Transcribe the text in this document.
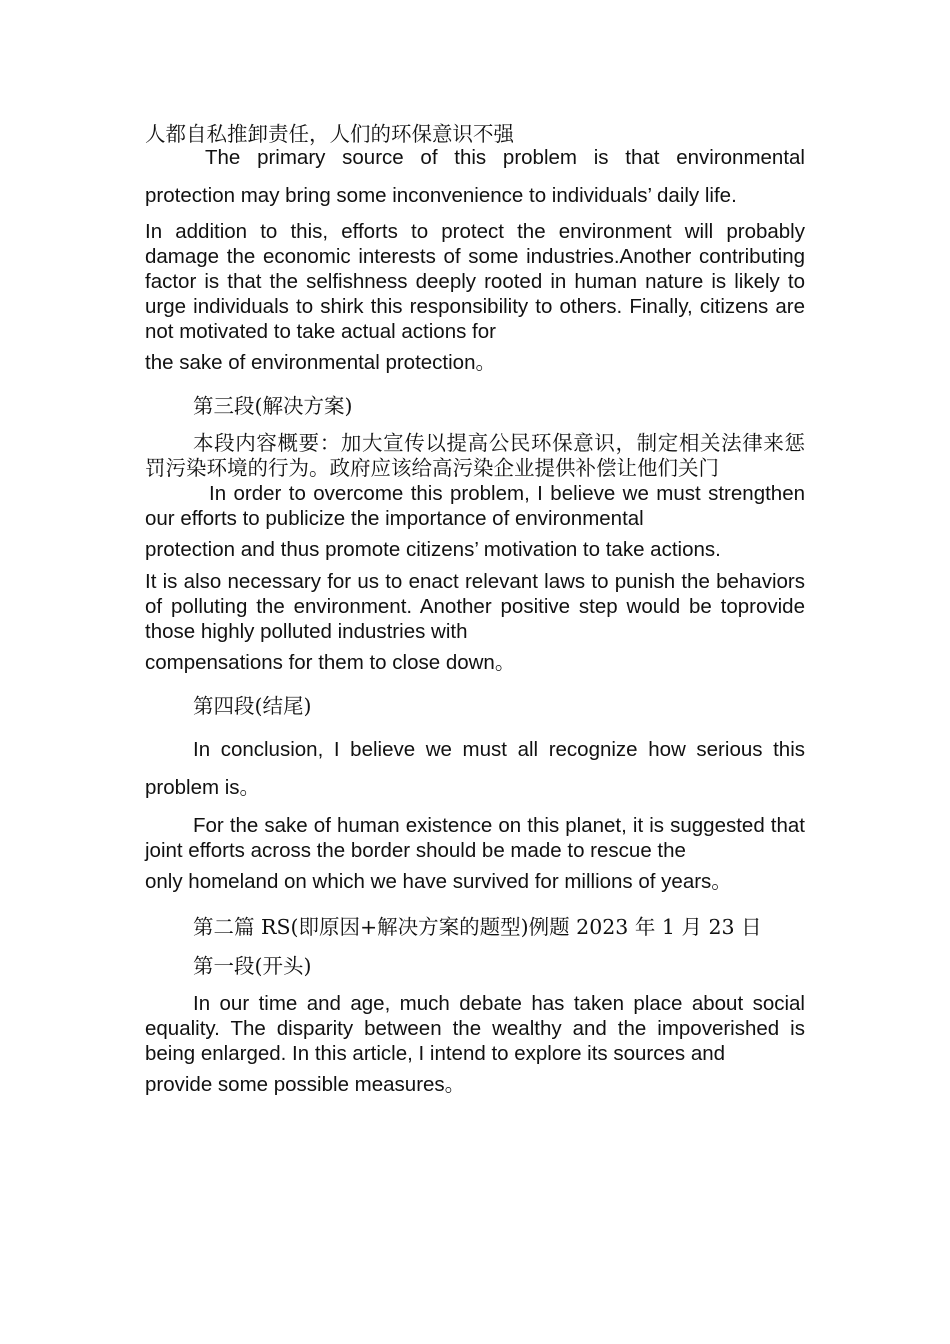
人都自私推卸责任，人们的环保意识不强

The primary source of this problem is that environmental protection may bring some inconvenience to individuals’ daily life.

In addition to this, efforts to protect the environment will probably damage the economic interests of some industries.Another contributing factor is that the selfishness deeply rooted in human nature is likely to urge individuals to shirk this responsibility to others. Finally, citizens are not motivated to take actual actions for

the sake of environmental protection。

第三段(解决方案)

本段内容概要：加大宣传以提高公民环保意识，制定相关法律来惩罚污染环境的行为。政府应该给高污染企业提供补偿让他们关门

In order to overcome this problem, I believe we must strengthen our efforts to publicize the importance of environmental

protection and thus promote citizens’ motivation to take actions.

It is also necessary for us to enact relevant laws to punish the behaviors of polluting the environment. Another positive step would be toprovide those highly polluted industries with

compensations for them to close down。

第四段(结尾)

In conclusion, I believe we must all recognize how serious this problem is。

For the sake of human existence on this planet, it is suggested that joint efforts across the border should be made to rescue the

only homeland on which we have survived for millions of years。

第二篇 RS(即原因+解决方案的题型)例题 2023 年 1 月 23 日

第一段(开头)

In our time and age, much debate has taken place about social equality. The disparity between the wealthy and the impoverished is being enlarged. In this article, I intend to explore its sources and

provide some possible measures。
